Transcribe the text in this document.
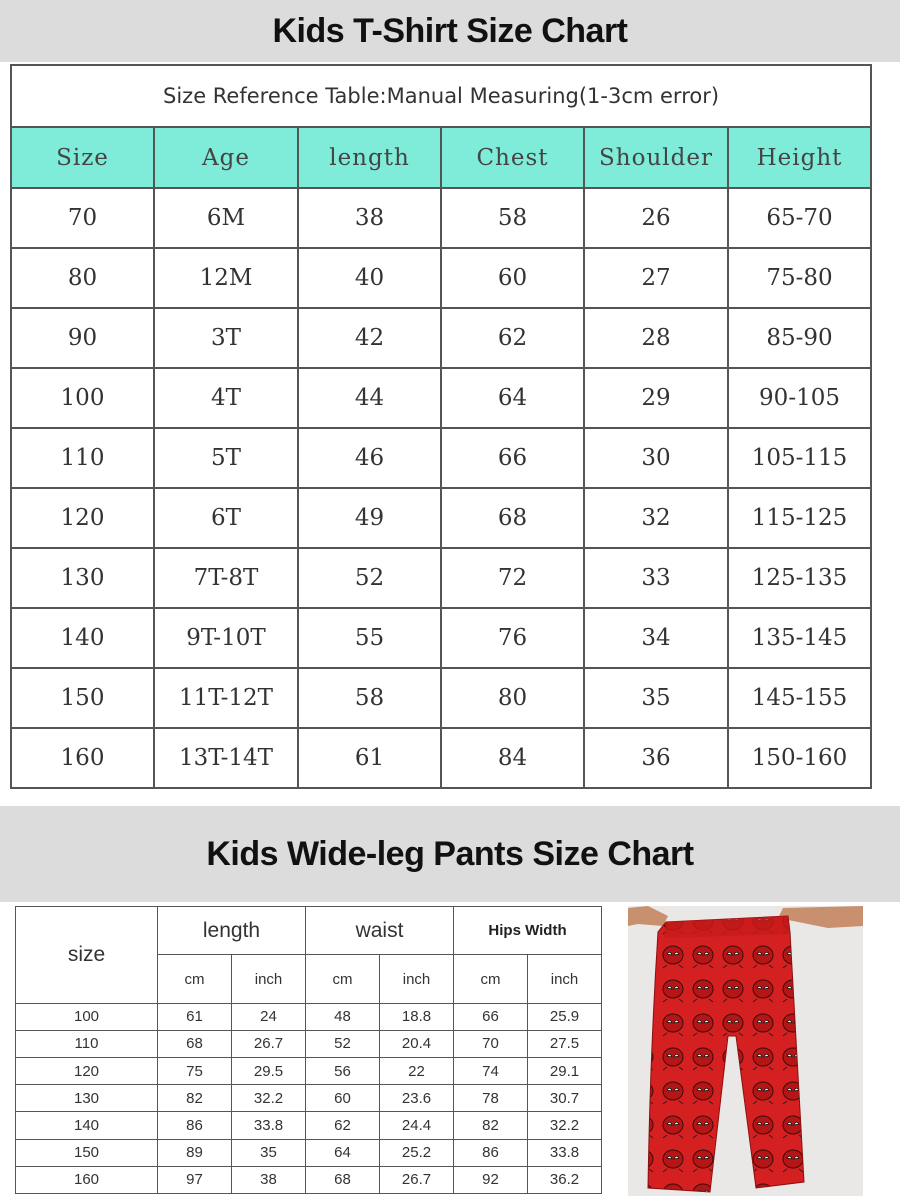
Kids T-Shirt Size Chart
Size Reference Table:Manual Measuring(1-3cm error)					
Size	Age	length	Chest	Shoulder	Height
70	6M	38	58	26	65-70
80	12M	40	60	27	75-80
90	3T	42	62	28	85-90
100	4T	44	64	29	90-105
110	5T	46	66	30	105-115
120	6T	49	68	32	115-125
130	7T-8T	52	72	33	125-135
140	9T-10T	55	76	34	135-145
150	11T-12T	58	80	35	145-155
160	13T-14T	61	84	36	150-160
Kids Wide-leg Pants Size Chart
size	length		waist		Hips Width	
	cm	inch	cm	inch	cm	inch
100	61	24	48	18.8	66	25.9
110	68	26.7	52	20.4	70	27.5
120	75	29.5	56	22	74	29.1
130	82	32.2	60	23.6	78	30.7
140	86	33.8	62	24.4	82	32.2
150	89	35	64	25.2	86	33.8
160	97	38	68	26.7	92	36.2
